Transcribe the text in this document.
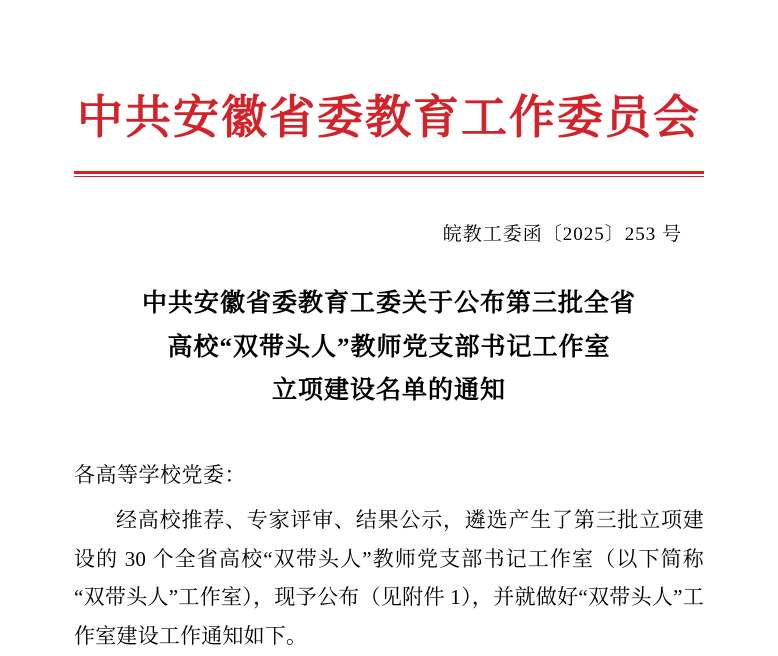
中共安徽省委教育工作委员会
皖教工委函〔2025〕253 号
中共安徽省委教育工委关于公布第三批全省
高校“双带头人”教师党支部书记工作室
立项建设名单的通知
各高等学校党委：
经高校推荐、专家评审、结果公示，遴选产生了第三批立项建设的 30 个全省高校“双带头人”教师党支部书记工作室（以下简称“双带头人”工作室），现予公布（见附件 1），并就做好“双带头人”工作室建设工作通知如下。
